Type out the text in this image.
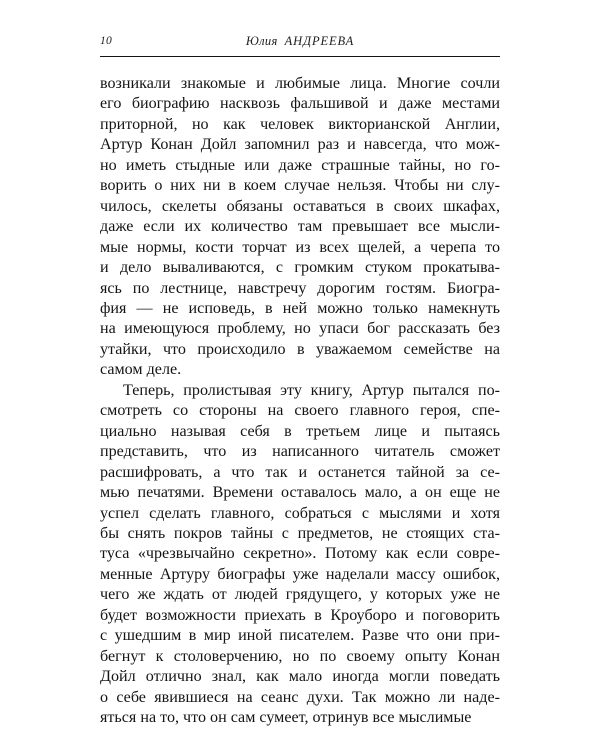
10	Юлия АНДРЕЕВА

возникали знакомые и любимые лица. Многие сочли
его биографию насквозь фальшивой и даже местами
приторной, но как человек викторианской Англии,
Артур Конан Дойл запомнил раз и навсегда, что мож-
но иметь стыдные или даже страшные тайны, но го-
ворить о них ни в коем случае нельзя. Чтобы ни слу-
чилось, скелеты обязаны оставаться в своих шкафах,
даже если их количество там превышает все мысли-
мые нормы, кости торчат из всех щелей, а черепа то
и дело вываливаются, с громким стуком прокатыва-
ясь по лестнице, навстречу дорогим гостям. Биогра-
фия — не исповедь, в ней можно только намекнуть
на имеющуюся проблему, но упаси бог рассказать без
утайки, что происходило в уважаемом семействе на
самом деле.

Теперь, пролистывая эту книгу, Артур пытался по-
смотреть со стороны на своего главного героя, спе-
циально называя себя в третьем лице и пытаясь
представить, что из написанного читатель сможет
расшифровать, а что так и останется тайной за се-
мью печатями. Времени оставалось мало, а он еще не
успел сделать главного, собраться с мыслями и хотя
бы снять покров тайны с предметов, не стоящих ста-
туса «чрезвычайно секретно». Потому как если совре-
менные Артуру биографы уже наделали массу ошибок,
чего же ждать от людей грядущего, у которых уже не
будет возможности приехать в Кроуборо и поговорить
с ушедшим в мир иной писателем. Разве что они при-
бегнут к столоверчению, но по своему опыту Конан
Дойл отлично знал, как мало иногда могли поведать
о себе явившиеся на сеанс духи. Так можно ли наде-
яться на то, что он сам сумеет, отринув все мыслимые
